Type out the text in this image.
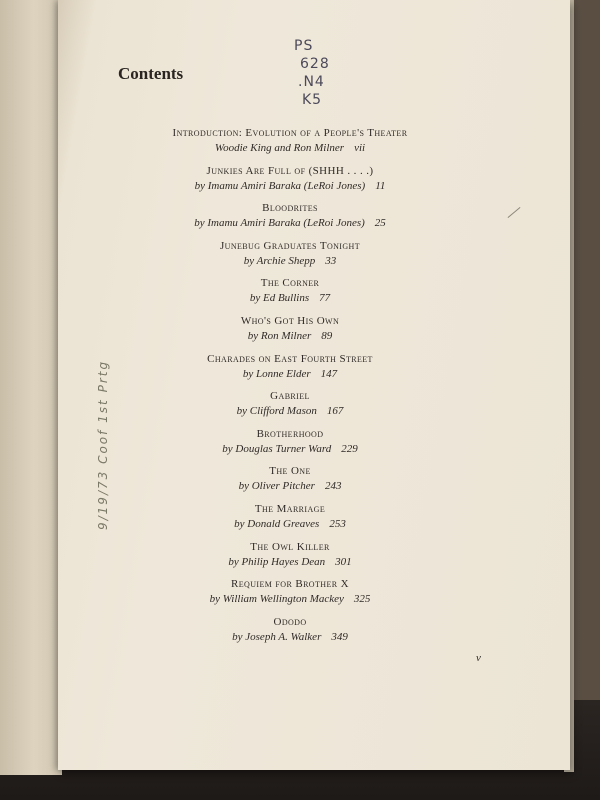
9/19/73 Coof 1st Prtg
Contents
PS
628
.N4
K5
Introduction: Evolution of a People's Theater
Woodie King and Ron Milner vii
Junkies Are Full of (SHHH . . . .)
by Imamu Amiri Baraka (LeRoi Jones) 11
Bloodrites
by Imamu Amiri Baraka (LeRoi Jones) 25
Junebug Graduates Tonight
by Archie Shepp 33
The Corner
by Ed Bullins 77
Who's Got His Own
by Ron Milner 89
Charades on East Fourth Street
by Lonne Elder 147
Gabriel
by Clifford Mason 167
Brotherhood
by Douglas Turner Ward 229
The One
by Oliver Pitcher 243
The Marriage
by Donald Greaves 253
The Owl Killer
by Philip Hayes Dean 301
Requiem for Brother X
by William Wellington Mackey 325
Ododo
by Joseph A. Walker 349
v
